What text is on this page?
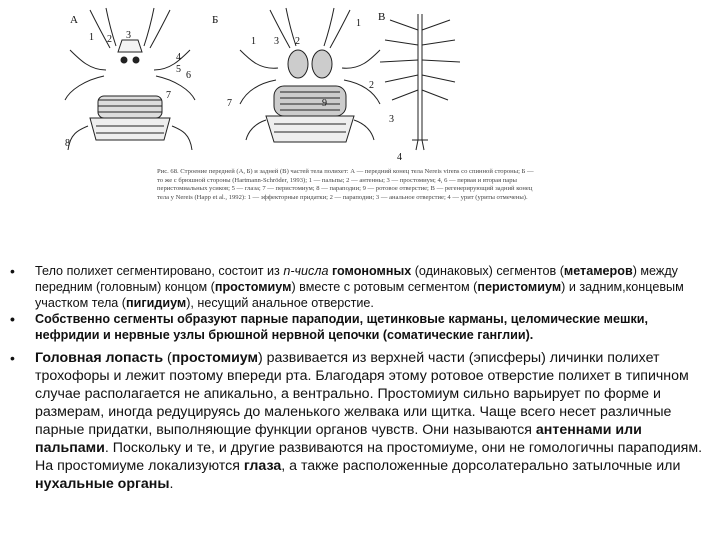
А	Б	В
1 2 3
4
5
6
7
8
1 3 2
7	9
1
2
3
4
Рис. 68. Строение передней (А, Б) и задней (В) частей тела полихет: А — передний конец тела Nereis virens со спинной стороны; Б — то же с брюшной стороны (Hartmann-Schröder, 1993); 1 — пальпы; 2 — антенны; 3 — простомиум; 4, 6 — первая и вторая пары перистомиальных усиков; 5 — глаза; 7 — перистомиум; 8 — параподии; 9 — ротовое отверстие; В — регенерирующий задний конец тела у Nereis (Нарр et al., 1992): 1 — эффекторные придатки; 2 — параподии; 3 — анальное отверстие; 4 — урит (уриты отмечены).
• Тело полихет сегментировано, состоит из n-числа гомономных (одинаковых) сегментов (метамеров) между передним (головным) концом (простомиум) вместе с ротовым сегментом (перистомиум) и задним,концевым участком тела (пигидиум), несущий анальное отверстие.
• Собственно сегменты образуют парные параподии, щетинковые карманы, целомические мешки, нефридии и нервные узлы брюшной нервной цепочки (соматические ганглии).
• Головная лопасть (простомиум) развивается из верхней части (эписферы) личинки полихет трохофоры и лежит поэтому впереди рта. Благодаря этому ротовое отверстие полихет в типичном случае располагается не апикально, а вентрально. Простомиум сильно варьирует по форме и размерам, иногда редуцируясь до маленького желвака или щитка. Чаще всего несет различные парные придатки, выполняющие функции органов чувств. Они называются антеннами или пальпами. Поскольку и те, и другие развиваются на простомиуме, они не гомологичны параподиям. На простомиуме локализуются глаза, а также расположенные дорсолатерально затылочные или нухальные органы.
